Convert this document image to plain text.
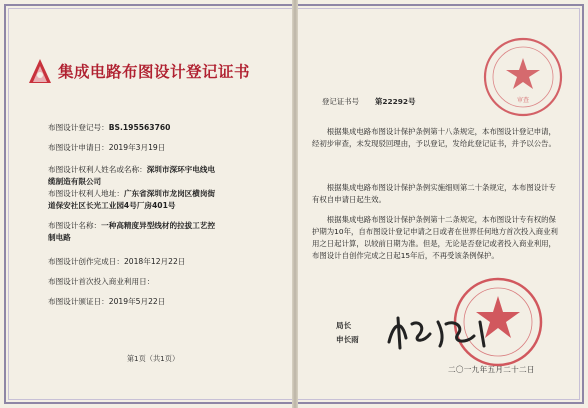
集成电路布图设计登记证书
布图设计登记号：BS.195563760
布图设计申请日：2019年3月19日
布图设计权利人姓名或名称：深圳市深环宇电线电
缆制造有限公司
布图设计权利人地址：广东省深圳市龙岗区横岗街
道保安社区长光工业园4号厂房401号
布图设计名称：一种高精度异型线材的拉拔工艺控
制电路
布图设计创作完成日：2018年12月22日
布图设计首次投入商业利用日：
布图设计颁证日：2019年5月22日
第1页（共1页）
审查
登记证书号 第22292号
根据集成电路布图设计保护条例第十八条规定，本布图设计登记申请，经初步审查，未发现驳回理由，予以登记，发给此登记证书，并予以公告。
根据集成电路布图设计保护条例实施细则第二十条规定，本布图设计专有权自申请日起生效。
根据集成电路布图设计保护条例第十二条规定，本布图设计专有权的保护期为10年，自布图设计登记申请之日或者在世界任何地方首次投入商业利用之日起计算，以较前日期为准。但是，无论是否登记或者投入商业利用，布图设计自创作完成之日起15年后，不再受该条例保护。
局长
申长雨
二〇一九年五月二十二日
